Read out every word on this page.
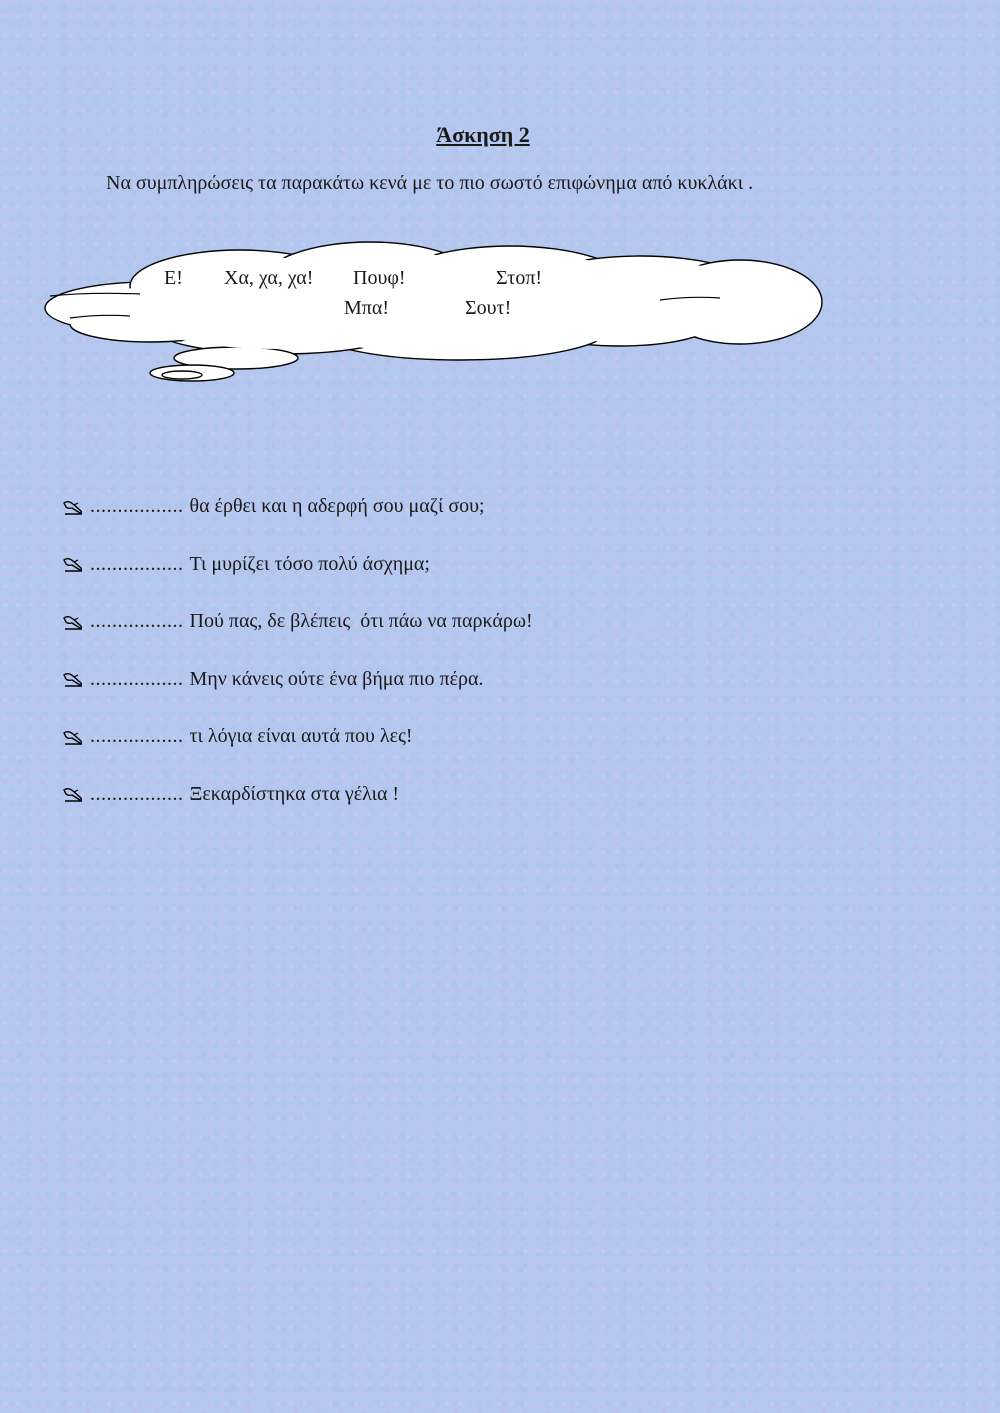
Άσκηση 2
Να συμπληρώσεις τα παρακάτω κενά με το πιο σωστό επιφώνημα από κυκλάκι .
Ε! Χα, χα, χα! Πουφ!	Στοπ!
Μπα!	Σουτ!
................. θα έρθει και η αδερφή σου μαζί σου;
................. Τι μυρίζει τόσο πολύ άσχημα;
................. Πού πας, δε βλέπεις  ότι πάω να παρκάρω!
................. Μην κάνεις ούτε ένα βήμα πιο πέρα.
................. τι λόγια είναι αυτά που λες!
................. Ξεκαρδίστηκα στα γέλια !
